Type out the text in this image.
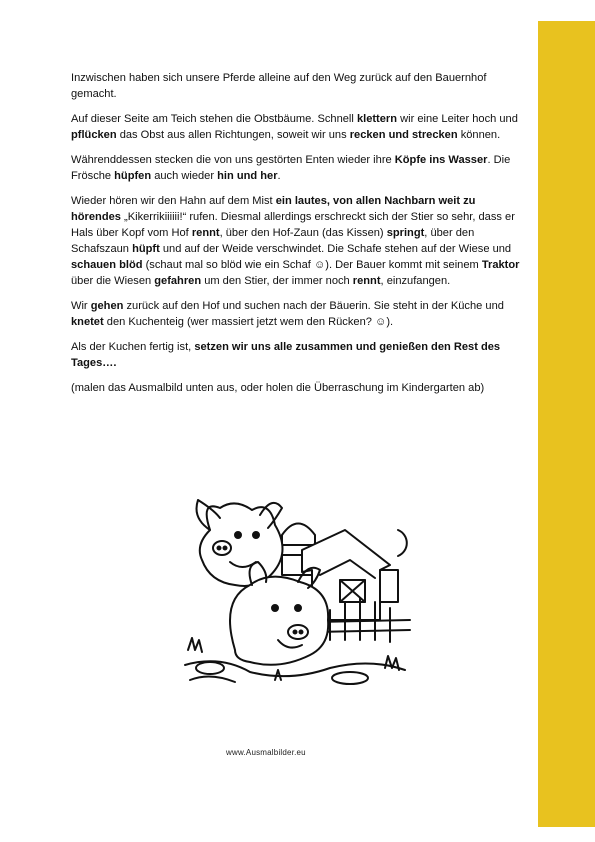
Inzwischen haben sich unsere Pferde alleine auf den Weg zurück auf den Bauernhof gemacht.

Auf dieser Seite am Teich stehen die Obstbäume. Schnell klettern wir eine Leiter hoch und pflücken das Obst aus allen Richtungen, soweit wir uns recken und strecken können.

Währenddessen stecken die von uns gestörten Enten wieder ihre Köpfe ins Wasser. Die Frösche hüpfen auch wieder hin und her.

Wieder hören wir den Hahn auf dem Mist ein lautes, von allen Nachbarn weit zu hörendes „Kikerrikiiiiii!“ rufen. Diesmal allerdings erschreckt sich der Stier so sehr, dass er Hals über Kopf vom Hof rennt, über den Hof-Zaun (das Kissen) springt, über den Schafszaun hüpft und auf der Weide verschwindet. Die Schafe stehen auf der Wiese und schauen blöd (schaut mal so blöd wie ein Schaf ☺). Der Bauer kommt mit seinem Traktor über die Wiesen gefahren um den Stier, der immer noch rennt, einzufangen.

Wir gehen zurück auf den Hof und suchen nach der Bäuerin. Sie steht in der Küche und knetet den Kuchenteig (wer massiert jetzt wem den Rücken? ☺).

Als der Kuchen fertig ist, setzen wir uns alle zusammen und genießen den Rest des Tages….

(malen das Ausmalbild unten aus, oder holen die Überraschung im Kindergarten ab)

www.Ausmalbilder.eu
